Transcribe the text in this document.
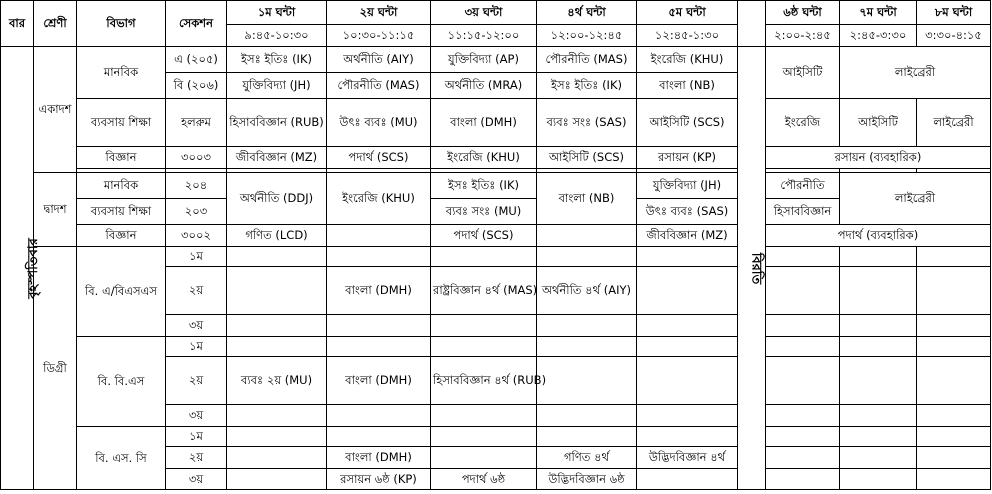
বার	শ্রেণী	বিভাগ	সেকশন	১ম ঘন্টা	২য় ঘন্টা	৩য় ঘন্টা	৪র্থ ঘন্টা	৫ম ঘন্টা		৬ষ্ঠ ঘন্টা	৭ম ঘন্টা	৮ম ঘন্টা
				৯:৪৫-১০:৩০	১০:৩০-১১:১৫	১১:১৫-১২:০০	১২:০০-১২:৪৫	১২:৪৫-১:৩০		২:০০-২:৪৫	২:৪৫-৩:৩০	৩:৩০-৪:১৫
বৃহস্পতিবার	একাদশ	মানবিক	এ (২০৫)	ইসঃ ইতিঃ (IK)	অর্থনীতি (AIY)	যুক্তিবিদ্যা (AP)	পৌরনীতি (MAS)	ইংরেজি (KHU)	বিরতি	আইসিটি	লাইব্রেরী	
			বি (২০৬)	যুক্তিবিদ্যা (JH)	পৌরনীতি (MAS)	অর্থনীতি (MRA)	ইসঃ ইতিঃ (IK)	বাংলা (NB)				
		ব্যবসায় শিক্ষা	হলরুম	হিসাববিজ্ঞান (RUB)	উৎঃ ব্যবঃ (MU)	বাংলা (DMH)	ব্যবঃ সংঃ (SAS)	আইসিটি (SCS)		ইংরেজি	আইসিটি	লাইব্রেরী
		বিজ্ঞান	৩০০৩	জীববিজ্ঞান (MZ)	পদার্থ (SCS)	ইংরেজি (KHU)	আইসিটি (SCS)	রসায়ন (KP)		রসায়ন (ব্যবহারিক)		

	দ্বাদশ	মানবিক	২০৪	অর্থনীতি (DDJ)	ইংরেজি (KHU)	ইসঃ ইতিঃ (IK)	বাংলা (NB)	যুক্তিবিদ্যা (JH)		পৌরনীতি	লাইব্রেরী	
		ব্যবসায় শিক্ষা	২০৩			ব্যবঃ সংঃ (MU)		উৎঃ ব্যবঃ (SAS)		হিসাববিজ্ঞান		
		বিজ্ঞান	৩০০২	গণিত (LCD)		পদার্থ (SCS)		জীববিজ্ঞান (MZ)		পদার্থ (ব্যবহারিক)		
	ডিগ্রী	বি. এ/বিএসএস	১ম									
			২য়		বাংলা (DMH)	রাষ্ট্রবিজ্ঞান ৪র্থ (MAS)	অর্থনীতি ৪র্থ (AIY)					
			৩য়									
		বি. বি.এস	১ম									
			২য়	ব্যবঃ ২য় (MU)	বাংলা (DMH)	হিসাববিজ্ঞান ৪র্থ (RUB)						
			৩য়									
		বি. এস. সি	১ম									
			২য়		বাংলা (DMH)		গণিত ৪র্থ	উদ্ভিদবিজ্ঞান ৪র্থ				
			৩য়		রসায়ন ৬ষ্ঠ (KP)	পদার্থ ৬ষ্ঠ	উদ্ভিদবিজ্ঞান ৬ষ্ঠ					
